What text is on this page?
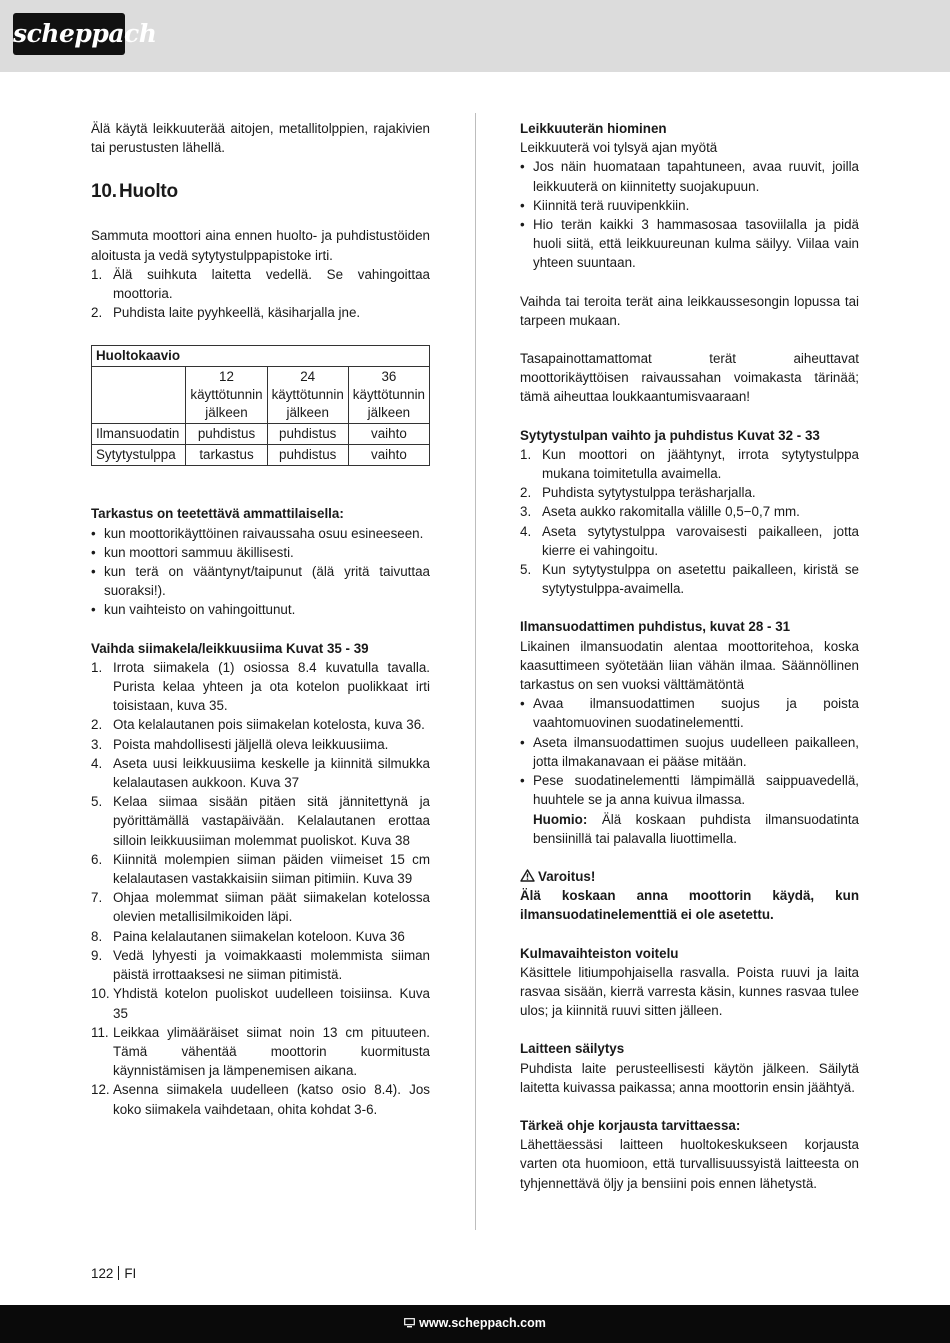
scheppach

Älä käytä leikkuuterää aitojen, metallitolppien, rajakivien tai perustusten lähellä.

10. Huolto

Sammuta moottori aina ennen huolto- ja puhdistustöiden aloitusta ja vedä sytytystulppapistoke irti.

1. Älä suihkuta laitetta vedellä. Se vahingoittaa moottoria.
2. Puhdista laite pyyhkeellä, käsiharjalla jne.
Huoltokaavio			
	12 käyttötunnin jälkeen	24 käyttötunnin jälkeen	36 käyttötunnin jälkeen
Ilmansuodatin	puhdistus	puhdistus	vaihto
Sytytystulppa	tarkastus	puhdistus	vaihto

Tarkastus on teetettävä ammattilaisella:

• kun moottorikäyttöinen raivaussaha osuu esineeseen.
• kun moottori sammuu äkillisesti.
• kun terä on vääntynyt/taipunut (älä yritä taivuttaa suoraksi!).
• kun vaihteisto on vahingoittunut.

Vaihda siimakela/leikkuusiima Kuvat 35 - 39

1. Irrota siimakela (1) osiossa 8.4 kuvatulla tavalla. Purista kelaa yhteen ja ota kotelon puolikkaat irti toisistaan, kuva 35.
2. Ota kelalautanen pois siimakelan kotelosta, kuva 36.
3. Poista mahdollisesti jäljellä oleva leikkuusiima.
4. Aseta uusi leikkuusiima keskelle ja kiinnitä silmukka kelalautasen aukkoon. Kuva 37
5. Kelaa siimaa sisään pitäen sitä jännitettynä ja pyörittämällä vastapäivään. Kelalautanen erottaa silloin leikkuusiiman molemmat puoliskot. Kuva 38
6. Kiinnitä molempien siiman päiden viimeiset 15 cm kelalautasen vastakkaisiin siiman pitimiin. Kuva 39
7. Ohjaa molemmat siiman päät siimakelan kotelossa olevien metallisilmikoiden läpi.
8. Paina kelalautanen siimakelan koteloon. Kuva 36
9. Vedä lyhyesti ja voimakkaasti molemmista siiman päistä irrottaaksesi ne siiman pitimistä.
10. Yhdistä kotelon puoliskot uudelleen toisiinsa. Kuva 35
11. Leikkaa ylimääräiset siimat noin 13 cm pituuteen. Tämä vähentää moottorin kuormitusta käynnistämisen ja lämpenemisen aikana.
12. Asenna siimakela uudelleen (katso osio 8.4). Jos koko siimakela vaihdetaan, ohita kohdat 3-6.

Leikkuuterän hiominen

Leikkuuterä voi tylsyä ajan myötä

• Jos näin huomataan tapahtuneen, avaa ruuvit, joilla leikkuuterä on kiinnitetty suojakupuun.
• Kiinnitä terä ruuvipenkkiin.
• Hio terän kaikki 3 hammasosaa tasoviilalla ja pidä huoli siitä, että leikkuureunan kulma säilyy. Viilaa vain yhteen suuntaan.

Vaihda tai teroita terät aina leikkaussesongin lopussa tai tarpeen mukaan.

Tasapainottamattomat terät aiheuttavat moottorikäyttöisen raivaussahan voimakasta tärinää; tämä aiheuttaa loukkaantumisvaaraan!

Sytytystulpan vaihto ja puhdistus Kuvat 32 - 33

1. Kun moottori on jäähtynyt, irrota sytytystulppa mukana toimitetulla avaimella.
2. Puhdista sytytystulppa teräsharjalla.
3. Aseta aukko rakomitalla välille 0,5−0,7 mm.
4. Aseta sytytystulppa varovaisesti paikalleen, jotta kierre ei vahingoitu.
5. Kun sytytystulppa on asetettu paikalleen, kiristä se sytytystulppa-avaimella.

Ilmansuodattimen puhdistus, kuvat 28 - 31

Likainen ilmansuodatin alentaa moottoritehoa, koska kaasuttimeen syötetään liian vähän ilmaa. Säännöllinen tarkastus on sen vuoksi välttämätöntä

• Avaa ilmansuodattimen suojus ja poista vaahtomuovinen suodatinelementti.
• Aseta ilmansuodattimen suojus uudelleen paikalleen, jotta ilmakanavaan ei pääse mitään.
• Pese suodatinelementti lämpimällä saippuavedellä, huuhtele se ja anna kuivua ilmassa.
Huomio: Älä koskaan puhdista ilmansuodatinta bensiinillä tai palavalla liuottimella.

Varoitus!

Älä koskaan anna moottorin käydä, kun ilmansuodatinelementtiä ei ole asetettu.

Kulmavaihteiston voitelu

Käsittele litiumpohjaisella rasvalla. Poista ruuvi ja laita rasvaa sisään, kierrä varresta käsin, kunnes rasvaa tulee ulos; ja kiinnitä ruuvi sitten jälleen.

Laitteen säilytys

Puhdista laite perusteellisesti käytön jälkeen. Säilytä laitetta kuivassa paikassa; anna moottorin ensin jäähtyä.

Tärkeä ohje korjausta tarvittaessa:

Lähettäessäsi laitteen huoltokeskukseen korjausta varten ota huomioon, että turvallisuussyistä laitteesta on tyhjennettävä öljy ja bensiini pois ennen lähetystä.

122 FI
www.scheppach.com
